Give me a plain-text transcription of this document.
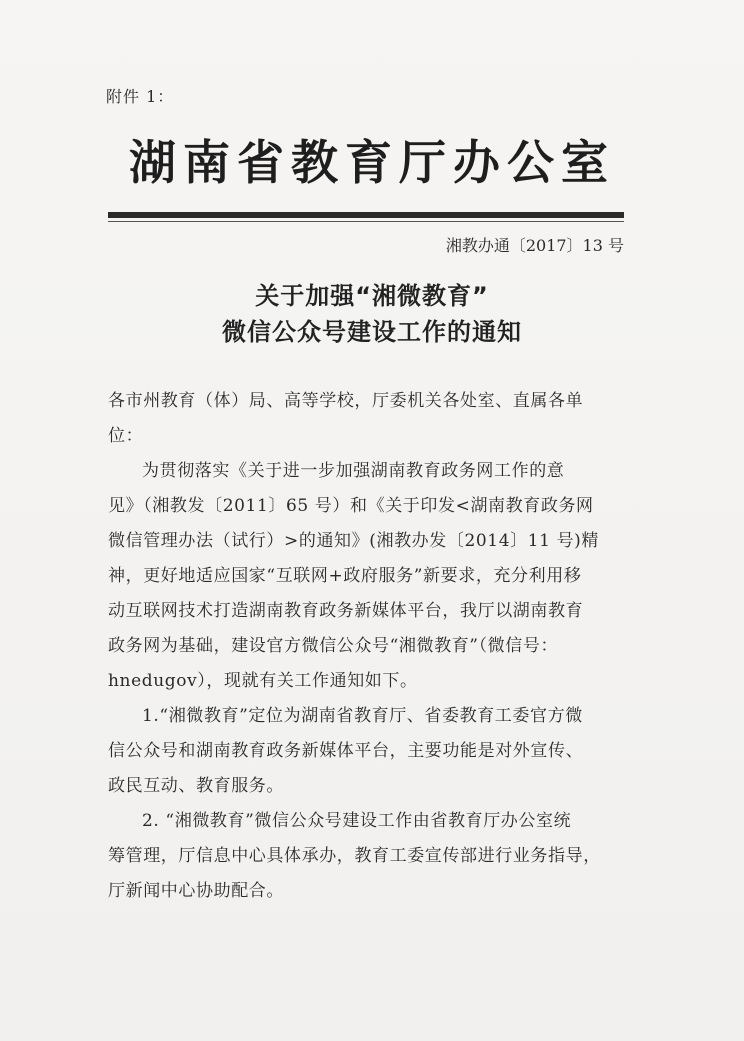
附件 1：
湖南省教育厅办公室
湘教办通〔2017〕13 号
关于加强“湘微教育”
微信公众号建设工作的通知

各市州教育（体）局、高等学校，厅委机关各处室、直属各单

位：

为贯彻落实《关于进一步加强湖南教育政务网工作的意

见》（湘教发〔2011〕65 号）和《关于印发<湖南教育政务网

微信管理办法（试行）>的通知》(湘教办发〔2014〕11 号)精

神，更好地适应国家“互联网+政府服务”新要求，充分利用移

动互联网技术打造湖南教育政务新媒体平台，我厅以湖南教育

政务网为基础，建设官方微信公众号“湘微教育”（微信号：

hnedugov），现就有关工作通知如下。

1.“湘微教育”定位为湖南省教育厅、省委教育工委官方微

信公众号和湖南教育政务新媒体平台，主要功能是对外宣传、

政民互动、教育服务。

2. “湘微教育”微信公众号建设工作由省教育厅办公室统

筹管理，厅信息中心具体承办，教育工委宣传部进行业务指导，

厅新闻中心协助配合。
